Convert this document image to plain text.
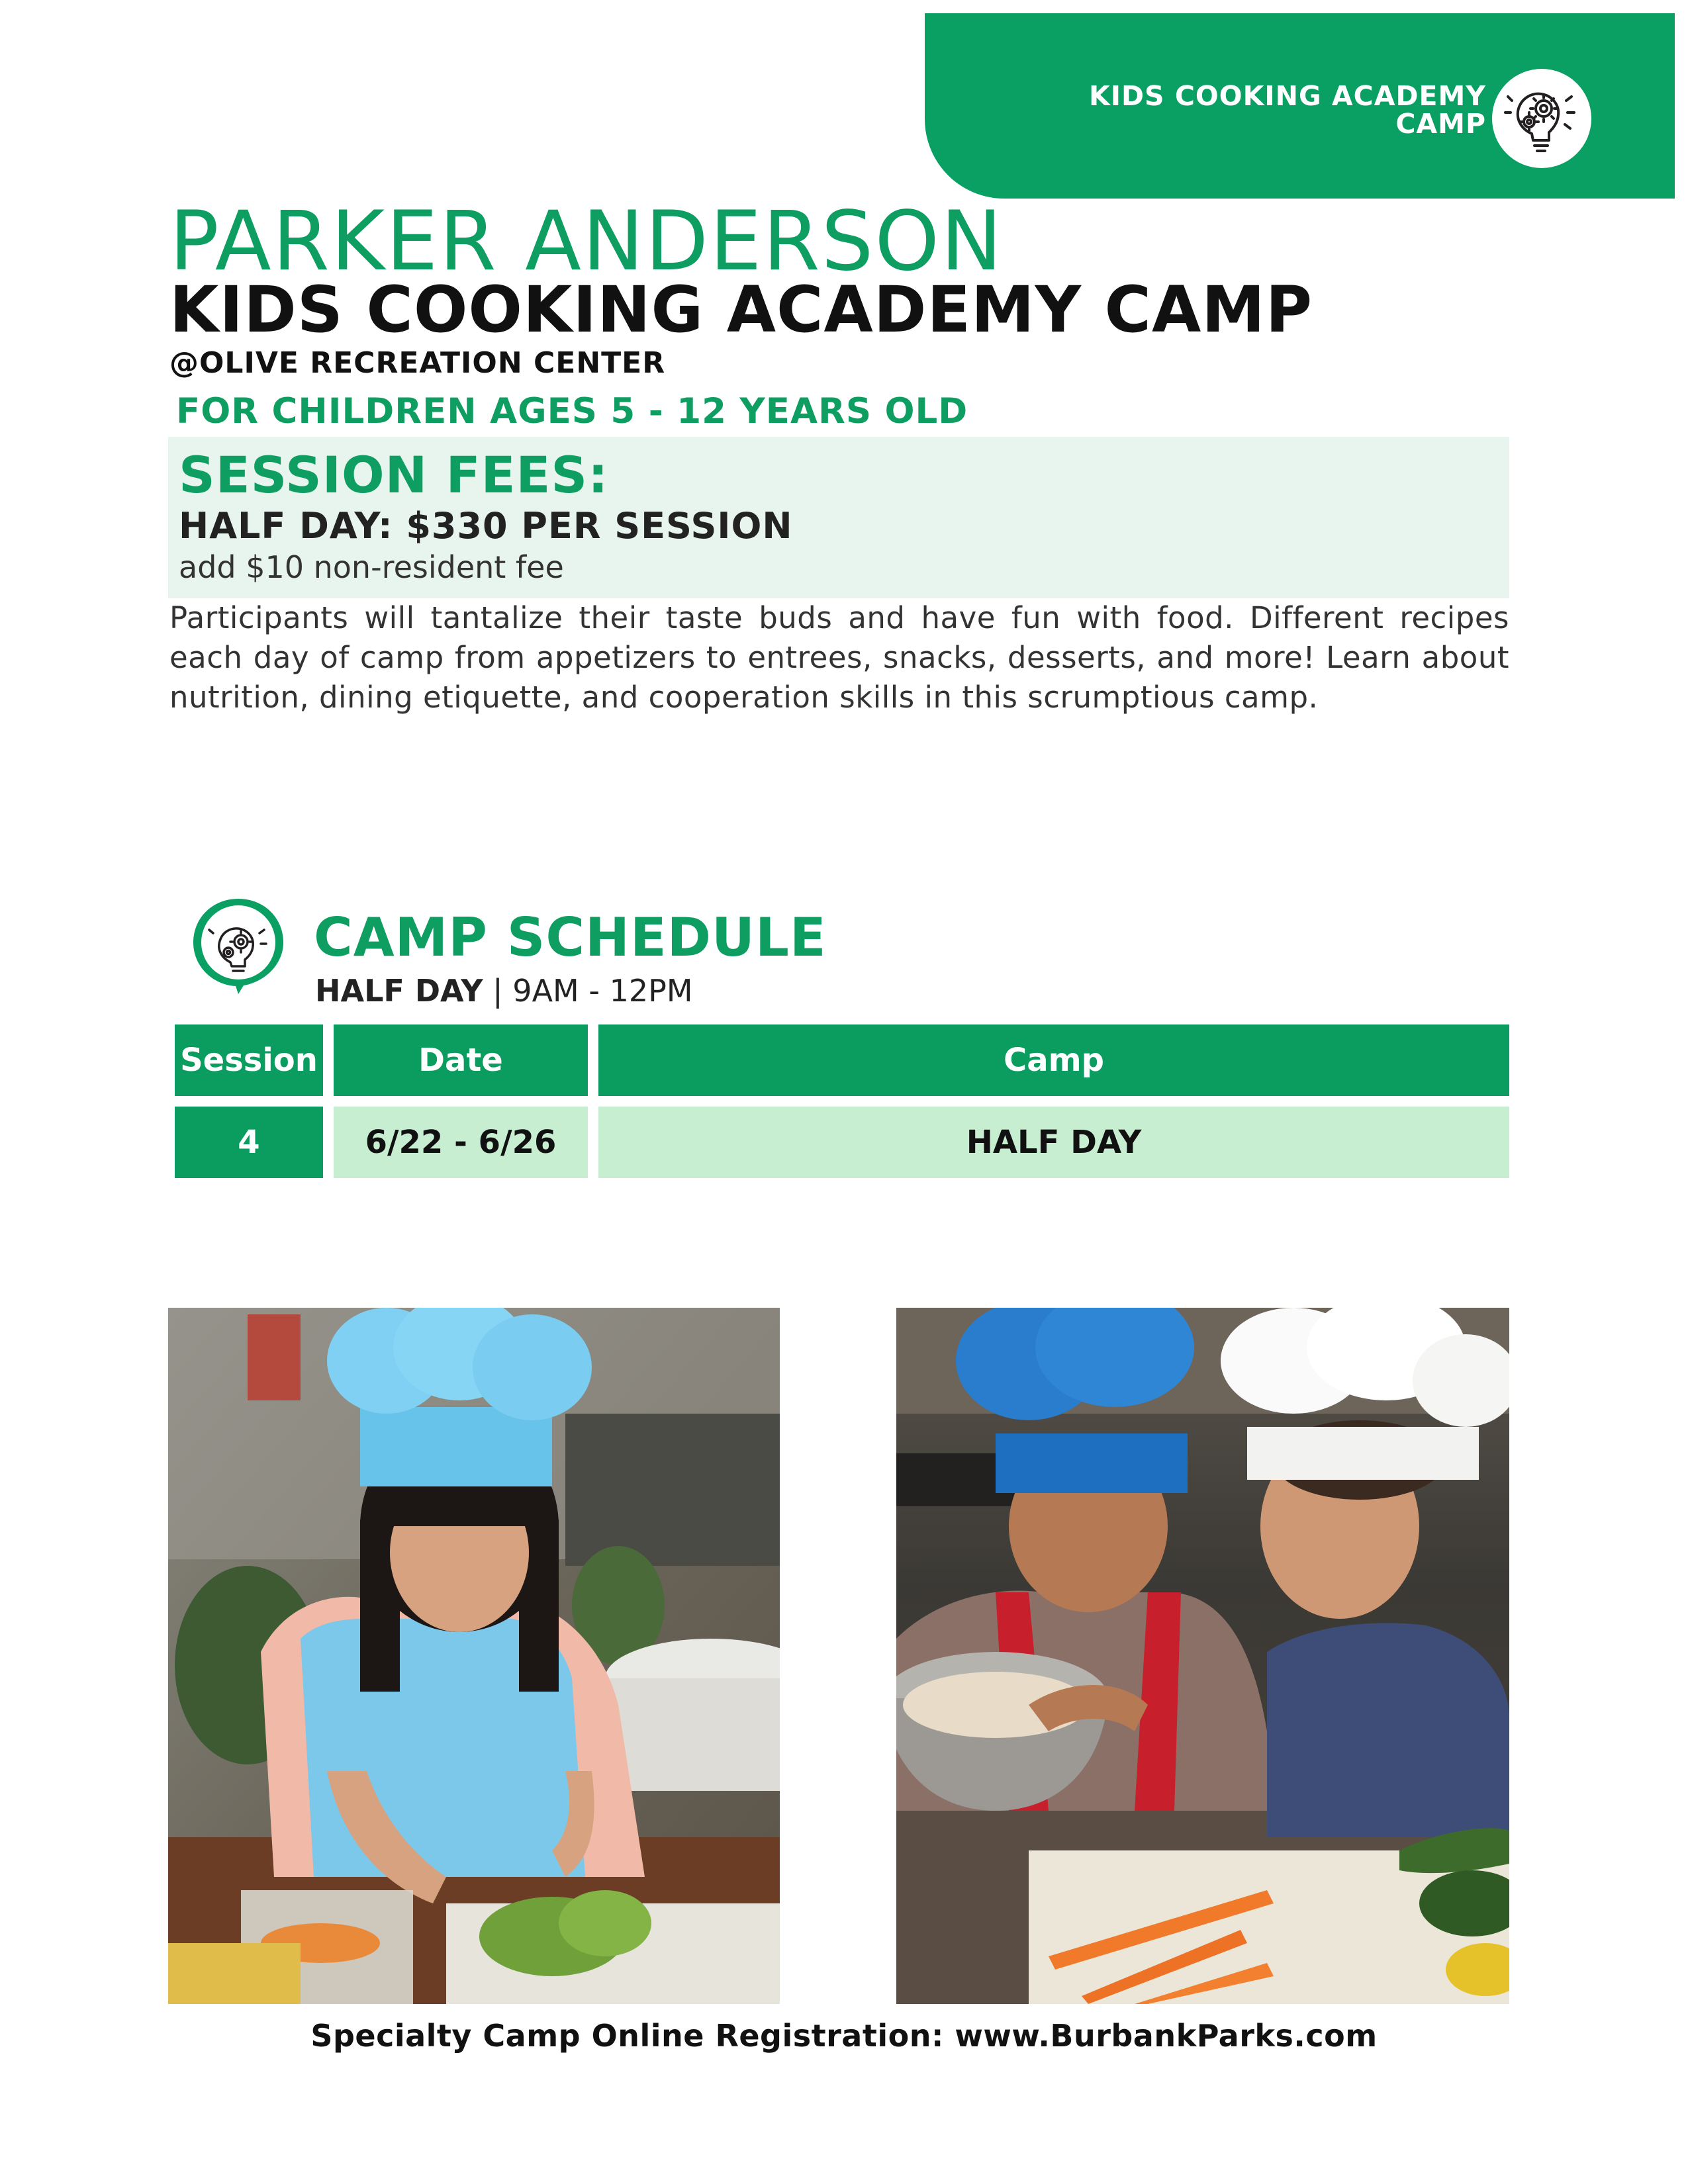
KIDS COOKING ACADEMY
CAMP
PARKER ANDERSON
KIDS COOKING ACADEMY CAMP
@OLIVE RECREATION CENTER
FOR CHILDREN AGES 5 - 12 YEARS OLD
SESSION FEES:
HALF DAY: $330 PER SESSION
add $10 non-resident fee
Participants will tantalize their taste buds and have fun with food. Different recipes each day of camp from appetizers to entrees, snacks, desserts, and more! Learn about nutrition, dining etiquette, and cooperation skills in this scrumptious camp.
CAMP SCHEDULE
HALF DAY | 9AM - 12PM
Session	Date	Camp
4	6/22 - 6/26	HALF DAY
Specialty Camp Online Registration: www.BurbankParks.com
